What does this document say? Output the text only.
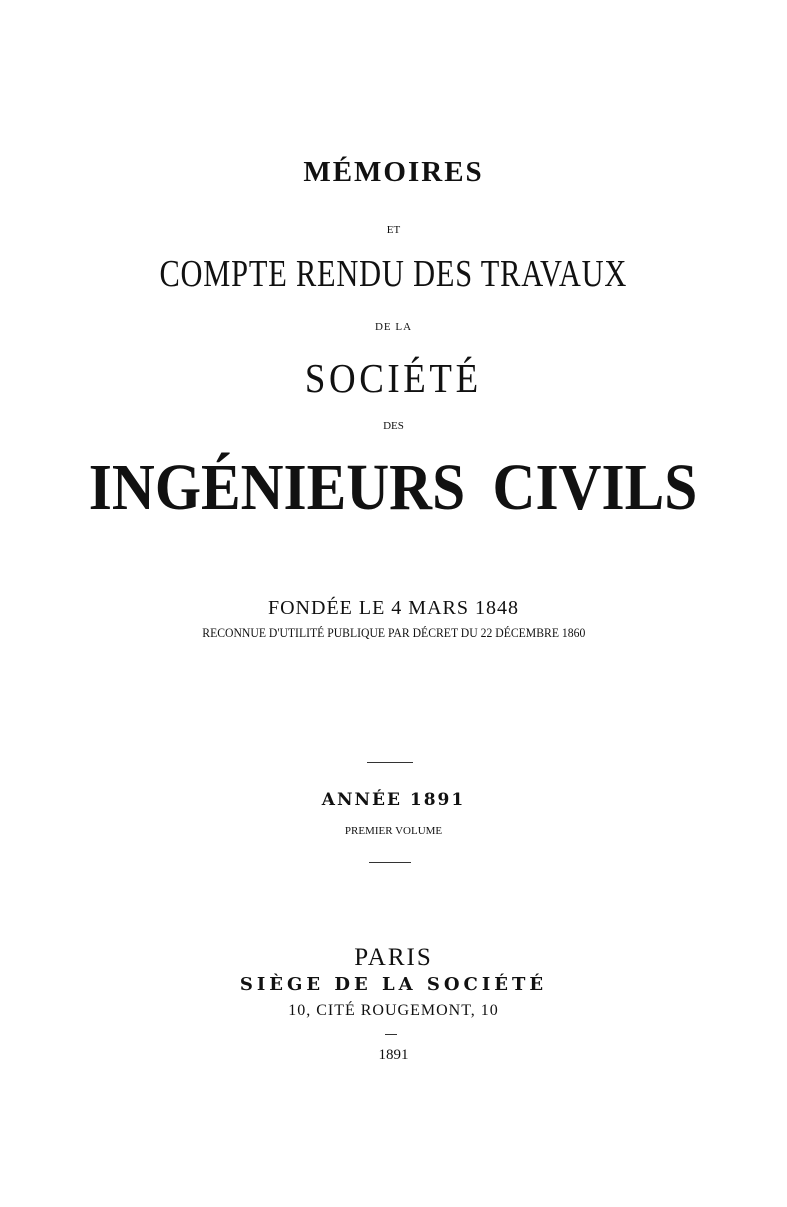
MÉMOIRES
ET
COMPTE RENDU DES TRAVAUX
DE LA
SOCIÉTÉ
DES
INGÉNIEURS CIVILS
FONDÉE LE 4 MARS 1848
RECONNUE D'UTILITÉ PUBLIQUE PAR DÉCRET DU 22 DÉCEMBRE 1860
ANNÉE 1891
PREMIER VOLUME
PARIS
SIÈGE DE LA SOCIÉTÉ
10, CITÉ ROUGEMONT, 10
1891
